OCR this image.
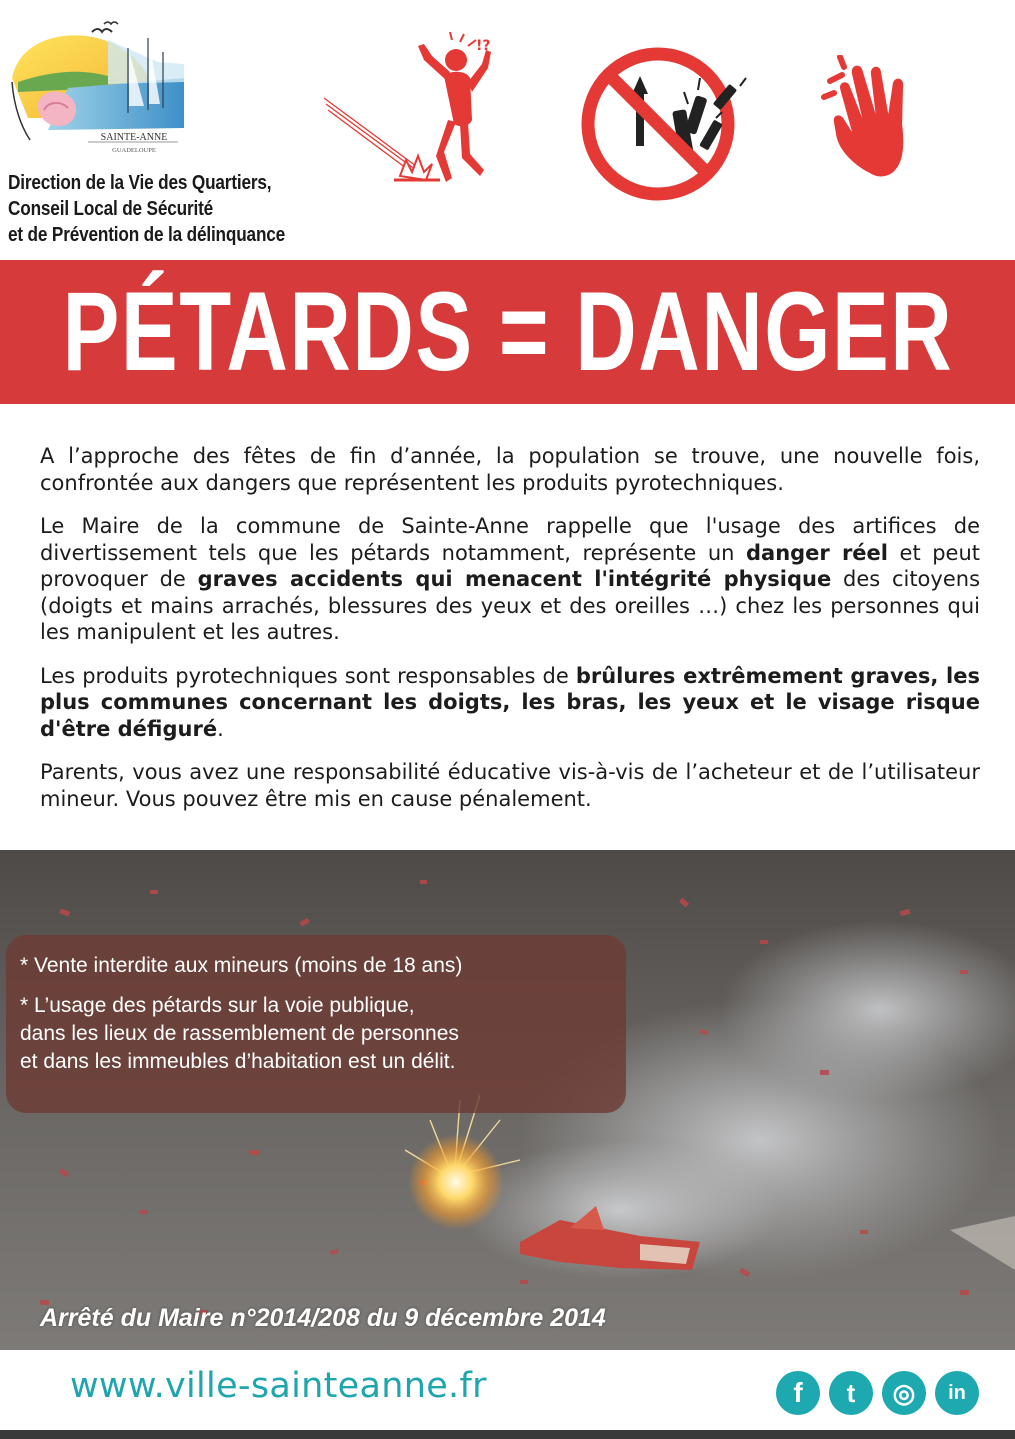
SAINTE-ANNE
GUADELOUPE
Direction de la Vie des Quartiers,
Conseil Local de Sécurité
et de Prévention de la délinquance
!?
PÉTARDS = DANGER

A l’approche des fêtes de fin d’année, la population se trouve, une nouvelle fois, confrontée aux dangers que représentent les produits pyrotechniques.

Le Maire de la commune de Sainte-Anne rappelle que l'usage des artifices de divertissement tels que les pétards notamment, représente un danger réel et peut provoquer de graves accidents qui menacent l'intégrité physique des citoyens (doigts et mains arrachés, blessures des yeux et des oreilles …) chez les personnes qui les manipulent et les autres.

Les produits pyrotechniques sont responsables de brûlures extrêmement graves, les plus communes concernant les doigts, les bras, les yeux et le visage risque d'être défiguré.

Parents, vous avez une responsabilité éducative vis-à-vis de l’acheteur et de l’utilisateur mineur. Vous pouvez être mis en cause pénalement.

* Vente interdite aux mineurs (moins de 18 ans)
* L’usage des pétards sur la voie publique,
dans les lieux de rassemblement de personnes
et dans les immeubles d’habitation est un délit.
Arrêté du Maire n°2014/208 du 9 décembre 2014
www.ville-sainteanne.fr	f	t	◎	in
